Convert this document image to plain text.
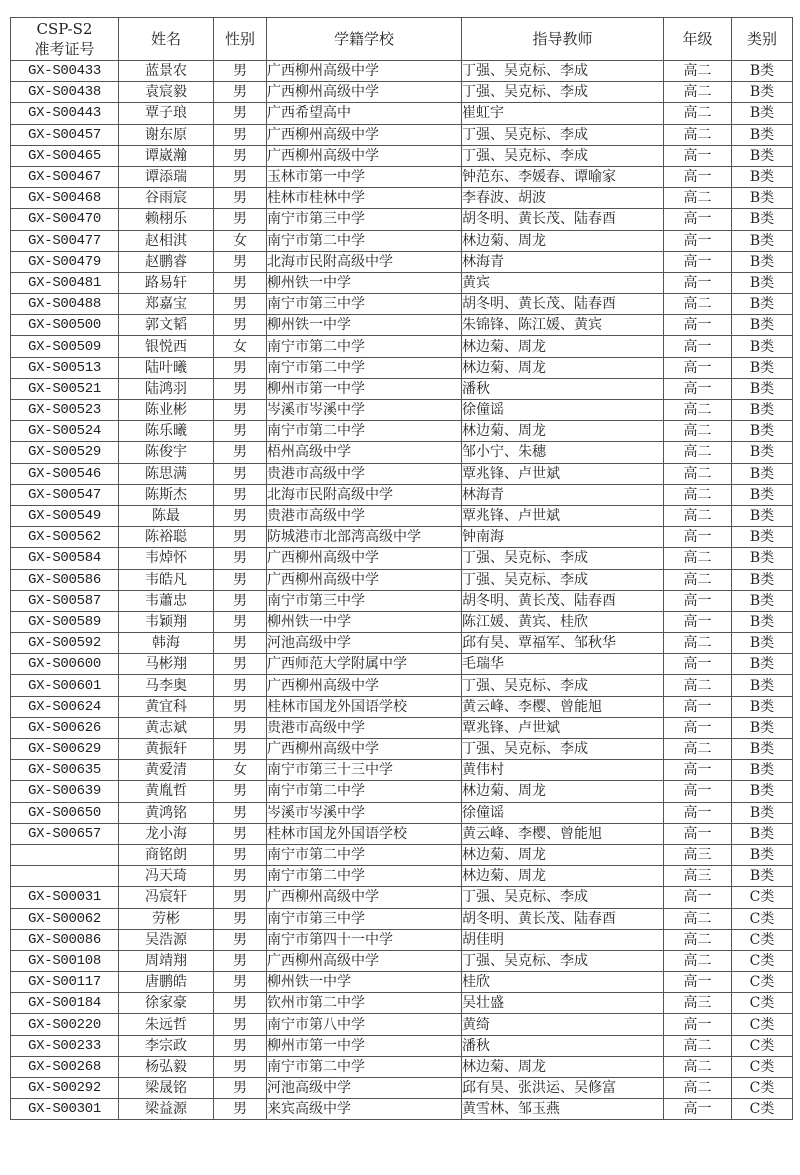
CSP-S2
准考证号	姓名	性别	学籍学校	指导教师	年级	类别
GX-S00433	蓝景农	男	广西柳州高级中学	丁强、吴克标、李成	高二	B类
GX-S00438	袁宸毅	男	广西柳州高级中学	丁强、吴克标、李成	高二	B类
GX-S00443	覃子琅	男	广西希望高中	崔虹宇	高二	B类
GX-S00457	谢东原	男	广西柳州高级中学	丁强、吴克标、李成	高二	B类
GX-S00465	谭崴瀚	男	广西柳州高级中学	丁强、吴克标、李成	高一	B类
GX-S00467	谭添瑞	男	玉林市第一中学	钟范东、李媛春、谭喻家	高一	B类
GX-S00468	谷雨宸	男	桂林市桂林中学	李春波、胡波	高二	B类
GX-S00470	赖栩乐	男	南宁市第三中学	胡冬明、黄长茂、陆春酉	高一	B类
GX-S00477	赵相淇	女	南宁市第二中学	林边菊、周龙	高一	B类
GX-S00479	赵鹏睿	男	北海市民附高级中学	林海青	高一	B类
GX-S00481	路易轩	男	柳州铁一中学	黄宾	高一	B类
GX-S00488	郑嘉宝	男	南宁市第三中学	胡冬明、黄长茂、陆春酉	高二	B类
GX-S00500	郭文韬	男	柳州铁一中学	朱锦锋、陈江媛、黄宾	高一	B类
GX-S00509	银悦西	女	南宁市第二中学	林边菊、周龙	高一	B类
GX-S00513	陆叶曦	男	南宁市第二中学	林边菊、周龙	高一	B类
GX-S00521	陆鸿羽	男	柳州市第一中学	潘秋	高一	B类
GX-S00523	陈业彬	男	岑溪市岑溪中学	徐僮谣	高二	B类
GX-S00524	陈乐曦	男	南宁市第二中学	林边菊、周龙	高二	B类
GX-S00529	陈俊宇	男	梧州高级中学	邹小宁、朱穗	高二	B类
GX-S00546	陈思满	男	贵港市高级中学	覃兆锋、卢世斌	高二	B类
GX-S00547	陈斯杰	男	北海市民附高级中学	林海青	高二	B类
GX-S00549	陈最	男	贵港市高级中学	覃兆锋、卢世斌	高二	B类
GX-S00562	陈裕聪	男	防城港市北部湾高级中学	钟南海	高一	B类
GX-S00584	韦焯怀	男	广西柳州高级中学	丁强、吴克标、李成	高二	B类
GX-S00586	韦皓凡	男	广西柳州高级中学	丁强、吴克标、李成	高二	B类
GX-S00587	韦蕭忠	男	南宁市第三中学	胡冬明、黄长茂、陆春酉	高一	B类
GX-S00589	韦颖翔	男	柳州铁一中学	陈江媛、黄宾、桂欣	高一	B类
GX-S00592	韩海	男	河池高级中学	邱有昊、覃福军、邹秋华	高二	B类
GX-S00600	马彬翔	男	广西师范大学附属中学	毛瑞华	高一	B类
GX-S00601	马李奥	男	广西柳州高级中学	丁强、吴克标、李成	高二	B类
GX-S00624	黄宜科	男	桂林市国龙外国语学校	黄云峰、李樱、曾能旭	高一	B类
GX-S00626	黄志斌	男	贵港市高级中学	覃兆锋、卢世斌	高一	B类
GX-S00629	黄振轩	男	广西柳州高级中学	丁强、吴克标、李成	高二	B类
GX-S00635	黄爱清	女	南宁市第三十三中学	黄伟村	高一	B类
GX-S00639	黄胤哲	男	南宁市第二中学	林边菊、周龙	高一	B类
GX-S00650	黄鸿铭	男	岑溪市岑溪中学	徐僮谣	高一	B类
GX-S00657	龙小海	男	桂林市国龙外国语学校	黄云峰、李樱、曾能旭	高一	B类
	商铭朗	男	南宁市第二中学	林边菊、周龙	高三	B类
	冯天琦	男	南宁市第二中学	林边菊、周龙	高三	B类
GX-S00031	冯宸轩	男	广西柳州高级中学	丁强、吴克标、李成	高一	C类
GX-S00062	劳彬	男	南宁市第三中学	胡冬明、黄长茂、陆春酉	高二	C类
GX-S00086	吴浩源	男	南宁市第四十一中学	胡佳明	高二	C类
GX-S00108	周靖翔	男	广西柳州高级中学	丁强、吴克标、李成	高二	C类
GX-S00117	唐鹏皓	男	柳州铁一中学	桂欣	高一	C类
GX-S00184	徐家豪	男	钦州市第二中学	吴壮盛	高三	C类
GX-S00220	朱远哲	男	南宁市第八中学	黄绮	高一	C类
GX-S00233	李宗政	男	柳州市第一中学	潘秋	高二	C类
GX-S00268	杨弘毅	男	南宁市第二中学	林边菊、周龙	高二	C类
GX-S00292	梁晟铭	男	河池高级中学	邱有昊、张洪运、吴修富	高二	C类
GX-S00301	梁益源	男	来宾高级中学	黄雪林、邹玉燕	高一	C类
